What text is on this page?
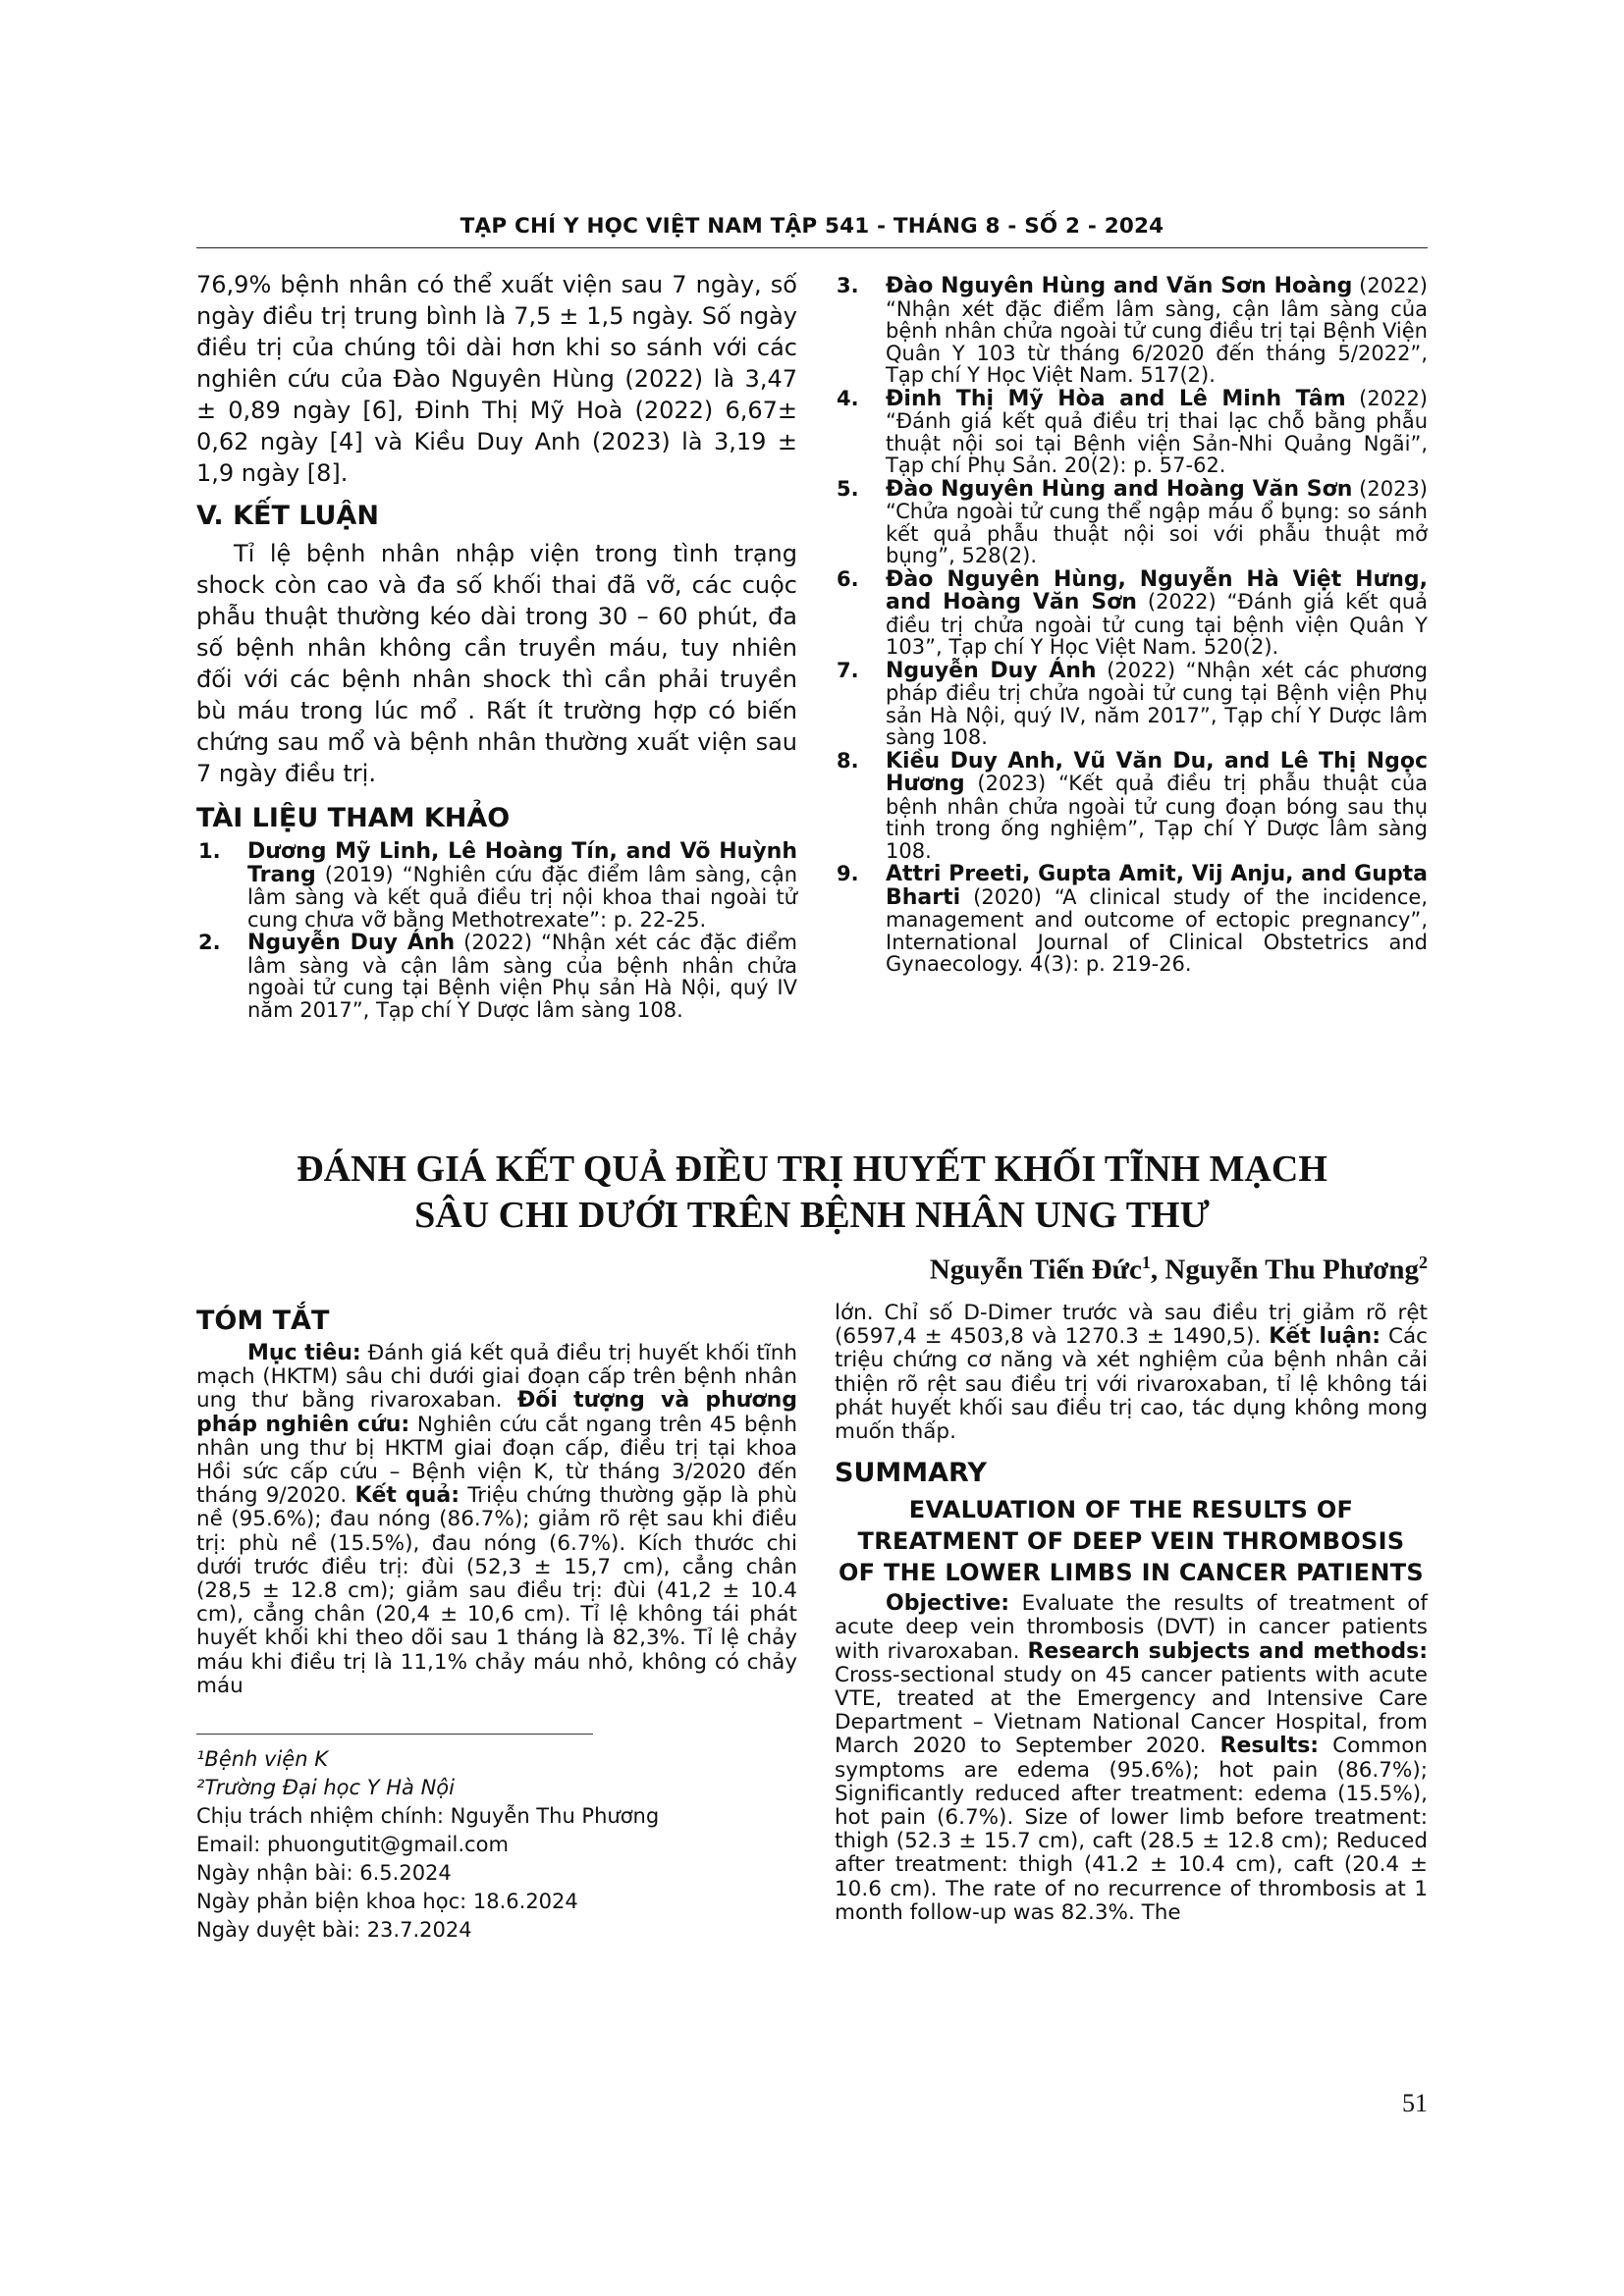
TẠP CHÍ Y HỌC VIỆT NAM TẬP 541 - THÁNG 8 - SỐ 2 - 2024

76,9% bệnh nhân có thể xuất viện sau 7 ngày, số ngày điều trị trung bình là 7,5 ± 1,5 ngày. Số ngày điều trị của chúng tôi dài hơn khi so sánh với các nghiên cứu của Đào Nguyên Hùng (2022) là 3,47 ± 0,89 ngày [6], Đinh Thị Mỹ Hoà (2022) 6,67± 0,62 ngày [4] và Kiều Duy Anh (2023) là 3,19 ± 1,9 ngày [8].

V. KẾT LUẬN

Tỉ lệ bệnh nhân nhập viện trong tình trạng shock còn cao và đa số khối thai đã vỡ, các cuộc phẫu thuật thường kéo dài trong 30 – 60 phút, đa số bệnh nhân không cần truyền máu, tuy nhiên đối với các bệnh nhân shock thì cần phải truyền bù máu trong lúc mổ . Rất ít trường hợp có biến chứng sau mổ và bệnh nhân thường xuất viện sau 7 ngày điều trị.

TÀI LIỆU THAM KHẢO
1. Dương Mỹ Linh, Lê Hoàng Tín, and Võ Huỳnh Trang (2019) “Nghiên cứu đặc điểm lâm sàng, cận lâm sàng và kết quả điều trị nội khoa thai ngoài tử cung chưa vỡ bằng Methotrexate”: p. 22-25.
2. Nguyễn Duy Ánh (2022) “Nhận xét các đặc điểm lâm sàng và cận lâm sàng của bệnh nhân chửa ngoài tử cung tại Bệnh viện Phụ sản Hà Nội, quý IV năm 2017”, Tạp chí Y Dược lâm sàng 108.
3. Đào Nguyên Hùng and Văn Sơn Hoàng (2022) “Nhận xét đặc điểm lâm sàng, cận lâm sàng của bệnh nhân chửa ngoài tử cung điều trị tại Bệnh Viện Quân Y 103 từ tháng 6/2020 đến tháng 5/2022”, Tạp chí Y Học Việt Nam. 517(2).
4. Đinh Thị Mỹ Hòa and Lê Minh Tâm (2022) “Đánh giá kết quả điều trị thai lạc chỗ bằng phẫu thuật nội soi tại Bệnh viện Sản-Nhi Quảng Ngãi”, Tạp chí Phụ Sản. 20(2): p. 57-62.
5. Đào Nguyên Hùng and Hoàng Văn Sơn (2023) “Chửa ngoài tử cung thể ngập máu ổ bụng: so sánh kết quả phẫu thuật nội soi với phẫu thuật mở bụng”, 528(2).
6. Đào Nguyên Hùng, Nguyễn Hà Việt Hưng, and Hoàng Văn Sơn (2022) “Đánh giá kết quả điều trị chửa ngoài tử cung tại bệnh viện Quân Y 103”, Tạp chí Y Học Việt Nam. 520(2).
7. Nguyễn Duy Ánh (2022) “Nhận xét các phương pháp điều trị chửa ngoài tử cung tại Bệnh viện Phụ sản Hà Nội, quý IV, năm 2017”, Tạp chí Y Dược lâm sàng 108.
8. Kiều Duy Anh, Vũ Văn Du, and Lê Thị Ngọc Hương (2023) “Kết quả điều trị phẫu thuật của bệnh nhân chửa ngoài tử cung đoạn bóng sau thụ tinh trong ống nghiệm”, Tạp chí Y Dược lâm sàng 108.
9. Attri Preeti, Gupta Amit, Vij Anju, and Gupta Bharti (2020) “A clinical study of the incidence, management and outcome of ectopic pregnancy”, International Journal of Clinical Obstetrics and Gynaecology. 4(3): p. 219-26.
ĐÁNH GIÁ KẾT QUẢ ĐIỀU TRỊ HUYẾT KHỐI TĨNH MẠCH
SÂU CHI DƯỚI TRÊN BỆNH NHÂN UNG THƯ
Nguyễn Tiến Đức$^1$, Nguyễn Thu Phương$^2$
TÓM TẮT

Mục tiêu: Đánh giá kết quả điều trị huyết khối tĩnh mạch (HKTM) sâu chi dưới giai đoạn cấp trên bệnh nhân ung thư bằng rivaroxaban. Đối tượng và phương pháp nghiên cứu: Nghiên cứu cắt ngang trên 45 bệnh nhân ung thư bị HKTM giai đoạn cấp, điều trị tại khoa Hồi sức cấp cứu – Bệnh viện K, từ tháng 3/2020 đến tháng 9/2020. Kết quả: Triệu chứng thường gặp là phù nề (95.6%); đau nóng (86.7%); giảm rõ rệt sau khi điều trị: phù nề (15.5%), đau nóng (6.7%). Kích thước chi dưới trước điều trị: đùi (52,3 ± 15,7 cm), cẳng chân (28,5 ± 12.8 cm); giảm sau điều trị: đùi (41,2 ± 10.4 cm), cẳng chân (20,4 ± 10,6 cm). Tỉ lệ không tái phát huyết khối khi theo dõi sau 1 tháng là 82,3%. Tỉ lệ chảy máu khi điều trị là 11,1% chảy máu nhỏ, không có chảy máu

¹Bệnh viện K
²Trường Đại học Y Hà Nội
Chịu trách nhiệm chính: Nguyễn Thu Phương
Email: phuongutit@gmail.com
Ngày nhận bài: 6.5.2024
Ngày phản biện khoa học: 18.6.2024
Ngày duyệt bài: 23.7.2024

lớn. Chỉ số D-Dimer trước và sau điều trị giảm rõ rệt (6597,4 ± 4503,8 và 1270.3 ± 1490,5). Kết luận: Các triệu chứng cơ năng và xét nghiệm của bệnh nhân cải thiện rõ rệt sau điều trị với rivaroxaban, tỉ lệ không tái phát huyết khối sau điều trị cao, tác dụng không mong muốn thấp.

SUMMARY
EVALUATION OF THE RESULTS OF
TREATMENT OF DEEP VEIN THROMBOSIS
OF THE LOWER LIMBS IN CANCER PATIENTS

Objective: Evaluate the results of treatment of acute deep vein thrombosis (DVT) in cancer patients with rivaroxaban. Research subjects and methods: Cross-sectional study on 45 cancer patients with acute VTE, treated at the Emergency and Intensive Care Department – Vietnam National Cancer Hospital, from March 2020 to September 2020. Results: Common symptoms are edema (95.6%); hot pain (86.7%); Significantly reduced after treatment: edema (15.5%), hot pain (6.7%). Size of lower limb before treatment: thigh (52.3 ± 15.7 cm), caft (28.5 ± 12.8 cm); Reduced after treatment: thigh (41.2 ± 10.4 cm), caft (20.4 ± 10.6 cm). The rate of no recurrence of thrombosis at 1 month follow-up was 82.3%. The

51
